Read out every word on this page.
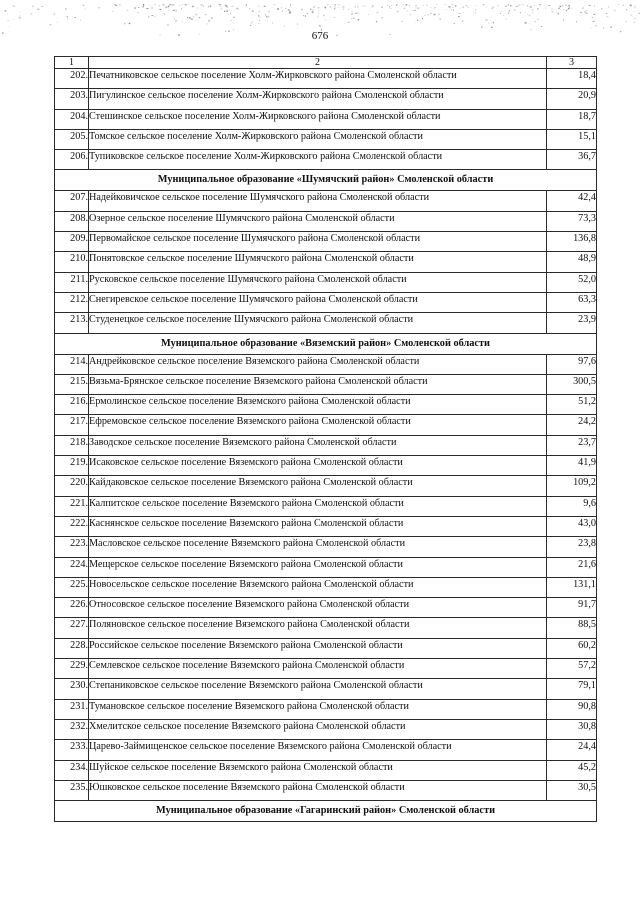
676
1	2	3
202.	Печатниковское сельское поселение Холм-Жирковского района Смоленской области	18,4
203.	Пигулинское сельское поселение Холм-Жирковского района Смоленской области	20,9
204.	Стешинское сельское поселение Холм-Жирковского района Смоленской области	18,7
205.	Томское сельское поселение Холм-Жирковского района Смоленской области	15,1
206.	Тупиковское сельское поселение Холм-Жирковского района Смоленской области	36,7
Муниципальное образование «Шумячский район» Смоленской области		
207.	Надейковичское сельское поселение Шумячского района Смоленской области	42,4
208.	Озерное сельское поселение Шумячского района Смоленской области	73,3
209.	Первомайское сельское поселение Шумячского района Смоленской области	136,8
210.	Понятовское сельское поселение Шумячского района Смоленской области	48,9
211.	Русковское сельское поселение Шумячского района Смоленской области	52,0
212.	Снегиревское сельское поселение Шумячского района Смоленской области	63,3
213.	Студенецкое сельское поселение Шумячского района Смоленской области	23,9
Муниципальное образование «Вяземский район» Смоленской области		
214.	Андрейковское сельское поселение Вяземского района Смоленской области	97,6
215.	Вязьма-Брянское сельское поселение Вяземского района Смоленской области	300,5
216.	Ермолинское сельское поселение Вяземского района Смоленской области	51,2
217.	Ефремовское сельское поселение Вяземского района Смоленской области	24,2
218.	Заводское сельское поселение Вяземского района Смоленской области	23,7
219.	Исаковское сельское поселение Вяземского района Смоленской области	41,9
220.	Кайдаковское сельское поселение Вяземского района Смоленской области	109,2
221.	Калпитское сельское поселение Вяземского района Смоленской области	9,6
222.	Каснянское сельское поселение Вяземского района Смоленской области	43,0
223.	Масловское сельское поселение Вяземского района Смоленской области	23,8
224.	Мещерское сельское поселение Вяземского района Смоленской области	21,6
225.	Новосельское сельское поселение Вяземского района Смоленской области	131,1
226.	Относовское сельское поселение Вяземского района Смоленской области	91,7
227.	Поляновское сельское поселение Вяземского района Смоленской области	88,5
228.	Российское сельское поселение Вяземского района Смоленской области	60,2
229.	Семлевское сельское поселение Вяземского района Смоленской области	57,2
230.	Степаниковское сельское поселение Вяземского района Смоленской области	79,1
231.	Тумановское сельское поселение Вяземского района Смоленской области	90,8
232.	Хмелитское сельское поселение Вяземского района Смоленской области	30,8
233.	Царево-Займищенское сельское поселение Вяземского района Смоленской области	24,4
234.	Шуйское сельское поселение Вяземского района Смоленской области	45,2
235.	Юшковское сельское поселение Вяземского района Смоленской области	30,5
Муниципальное образование «Гагаринский район» Смоленской области		
